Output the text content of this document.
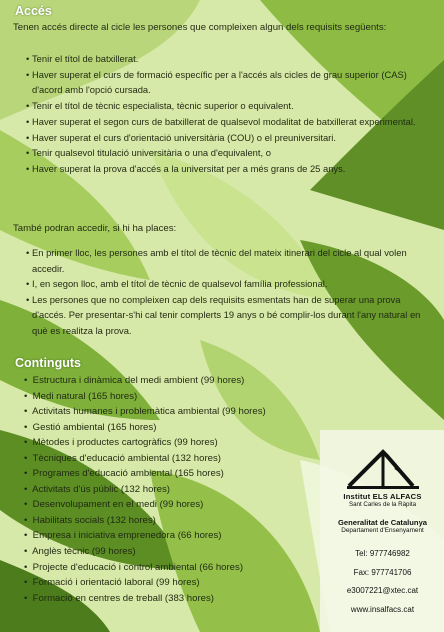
Accés
Tenen accés directe al cicle les persones que compleixen algun dels requisits següents:
• Tenir el títol de batxillerat.
• Haver superat el curs de formació específic per a l'accés als cicles de grau superior (CAS) d'acord amb l'opció cursada.
• Tenir el títol de tècnic especialista, tècnic superior o equivalent.
• Haver superat el segon curs de batxillerat de qualsevol modalitat de batxillerat experimental.
• Haver superat el curs d'orientació universitària (COU) o el preuniversitari.
• Tenir qualsevol titulació universitària o una d'equivalent, o
• Haver superat la prova d'accés a la universitat per a més grans de 25 anys.
També podran accedir, si hi ha places:
• En primer lloc, les persones amb el títol de tècnic del mateix itinerari del cicle al qual volen accedir.
• I, en segon lloc, amb el títol de tècnic de qualsevol família professional.
• Les persones que no compleixen cap dels requisits esmentats han de superar una prova d'accés. Per presentar-s'hi cal tenir complerts 19 anys o bé complir-los durant l'any natural en què es realitza la prova.
Continguts
• Estructura i dinàmica del medi ambient (99 hores)
• Medi natural (165 hores)
• Activitats humanes i problemàtica ambiental (99 hores)
• Gestió ambiental (165 hores)
• Mètodes i productes cartogràfics (99 hores)
• Tècniques d'educació ambiental (132 hores)
• Programes d'educació ambiental (165 hores)
• Activitats d'ús públic (132 hores)
• Desenvolupament en el medi (99 hores)
• Habilitats socials (132 hores)
• Empresa i iniciativa emprenedora (66 hores)
• Anglès tècnic (99 hores)
• Projecte d'educació i control ambiental (66 hores)
• Formació i orientació laboral (99 hores)
• Formació en centres de treball (383 hores)
Institut ELS ALFACS
Sant Carles de la Ràpita
Generalitat de Catalunya
Departament d'Ensenyament
Tel: 977746982
Fax: 977741706
e3007221@xtec.cat
www.insalfacs.cat
